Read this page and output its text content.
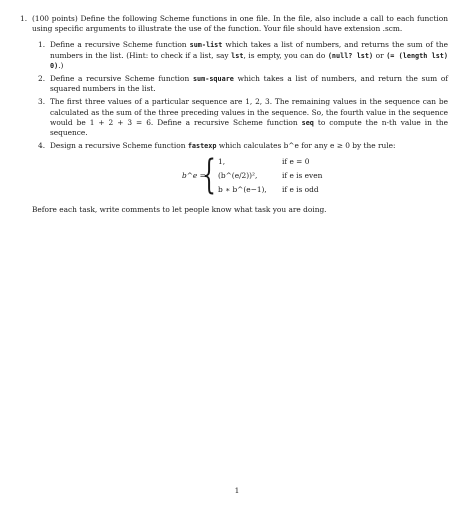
1. (100 points) Define the following Scheme functions in one file. In the file, also include a call to each function using specific arguments to illustrate the use of the function. Your file should have extension .scm.
1. Define a recursive Scheme function sum-list which takes a list of numbers, and returns the sum of the numbers in the list. (Hint: to check if a list, say lst, is empty, you can do (null? lst) or (= (length lst) 0).)
2. Define a recursive Scheme function sum-square which takes a list of numbers, and return the sum of squared numbers in the list.
3. The first three values of a particular sequence are 1, 2, 3. The remaining values in the sequence can be calculated as the sum of the three preceding values in the sequence. So, the fourth value in the sequence would be 1 + 2 + 3 = 6. Define a recursive Scheme function seq to compute the n-th value in the sequence.
4. Design a recursive Scheme function fastexp which calculates b^e for any e ≥ 0 by the rule:
b^e =
{ 1,	if e = 0
(b^(e/2))²,	if e is even
b ∗ b^(e−1), if e is odd
Before each task, write comments to let people know what task you are doing.
1
